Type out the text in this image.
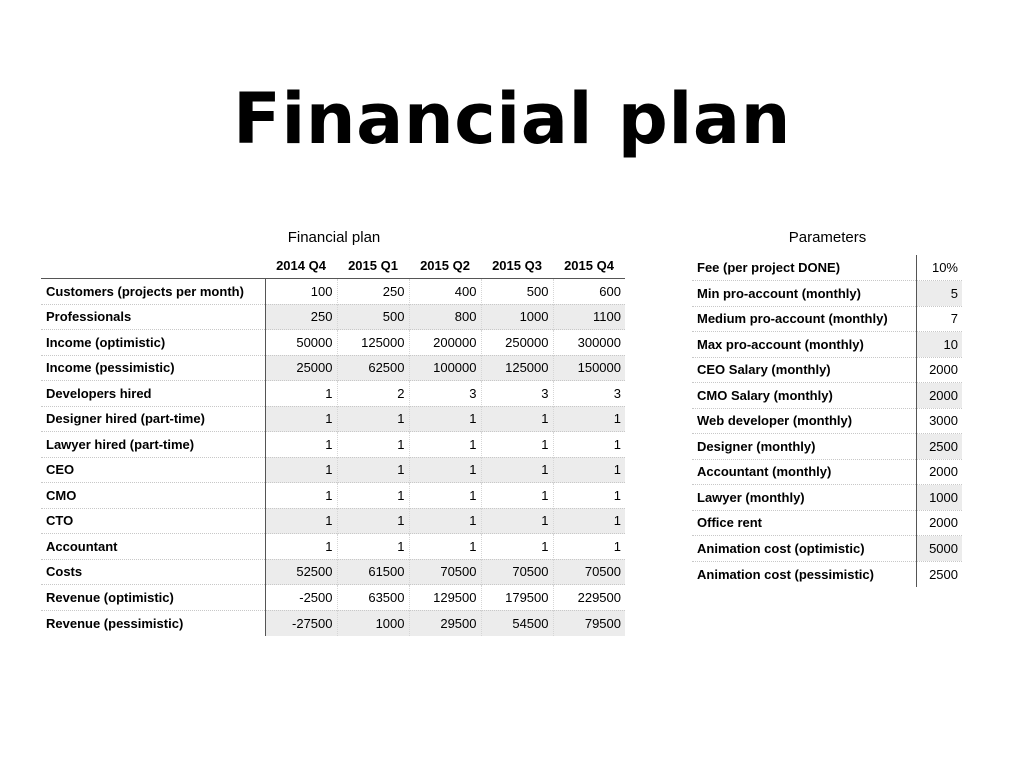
Financial plan
Financial plan	Parameters
	2014 Q4	2015 Q1	2015 Q2	2015 Q3	2015 Q4
Customers (projects per month)	100	250	400	500	600
Professionals	250	500	800	1000	1100
Income (optimistic)	50000	125000	200000	250000	300000
Income (pessimistic)	25000	62500	100000	125000	150000
Developers hired	1	2	3	3	3
Designer hired (part-time)	1	1	1	1	1
Lawyer hired (part-time)	1	1	1	1	1
CEO	1	1	1	1	1
CMO	1	1	1	1	1
CTO	1	1	1	1	1
Accountant	1	1	1	1	1
Costs	52500	61500	70500	70500	70500
Revenue (optimistic)	-2500	63500	129500	179500	229500
Revenue (pessimistic)	-27500	1000	29500	54500	79500
Fee (per project DONE)	10%
Min pro-account (monthly)	5
Medium pro-account (monthly)	7
Max pro-account (monthly)	10
CEO Salary (monthly)	2000
CMO Salary (monthly)	2000
Web developer (monthly)	3000
Designer (monthly)	2500
Accountant (monthly)	2000
Lawyer (monthly)	1000
Office rent	2000
Animation cost (optimistic)	5000
Animation cost (pessimistic)	2500
